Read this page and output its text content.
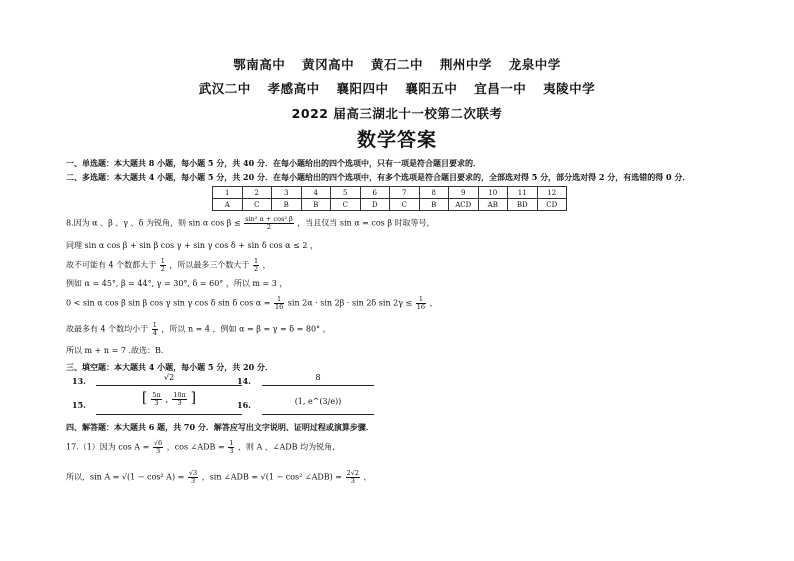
鄂南高中 黄冈高中 黄石二中 荆州中学 龙泉中学
武汉二中 孝感高中 襄阳四中 襄阳五中 宜昌一中 夷陵中学
2022 届高三湖北十一校第二次联考
数学答案
一、单选题：本大题共 8 小题，每小题 5 分，共 40 分．在每小题给出的四个选项中，只有一项是符合题目要求的．
二、多选题：本大题共 4 小题，每小题 5 分，共 20 分．在每小题给出的四个选项中，有多个选项是符合题目要求的，全部选对得 5 分，部分选对得 2 分，有选错的得 0 分．
1	2	3	4	5	6	7	8	9	10	11	12
A	C	B	B	C	D	C	B	ACD	AB	BD	CD
8.因为 α 、β 、γ 、δ 为锐角，则 sin α $\cos \beta \le \frac{\text{sin² α + cos² β}}{2}$ ，当且仅当 sin α = cos β 时取等号，
同理 sin α cos β + sin β cos γ + sin γ cos δ + sin δ cos α ≤ 2 ，
故不可能有 4 个数都大于 $\frac{1}{2}$ ，所以最多三个数大于 $\frac{1}{2}$ ，
例如 α = 45°, β = 44°, γ = 30°, δ = 60° ，所以 m = 3 ，
0 < sin α cos β sin β cos γ sin γ cos δ sin δ $\cos \alpha = \frac{1}{16}$ sin 2α · sin 2β · sin 2δ $\sin 2\gamma \le \frac{1}{16}$ ，
故最多有 4 个数均小于 $\frac{1}{4}$ ，所以 n = 4 ，例如 α = β = γ = δ = 80° ，
所以 m + n = 7 .故选：B.
三、填空题：本大题共 4 小题，每小题 5 分，共 20 分．
13.	√2	14.	8
15.	[ $\frac{5\pi}{3}$ , $\frac{10\pi}{3}$ ]	16.	(1, e^(3/e))
四、解答题：本大题共 6 题，共 70 分．解答应写出文字说明、证明过程或演算步骤．
17.（1）因为 $\cos A = \frac{√6}{3}$ ，cos ∠ADB = $\frac{1}{3}$ ，则 A 、∠ADB 均为锐角，
所以，sin A = √(1 − cos² $A) = \frac{√3}{3}$ ，sin ∠ADB = √(1 − cos² ∠ADB) = $\frac{2√2}{3}$ ，
